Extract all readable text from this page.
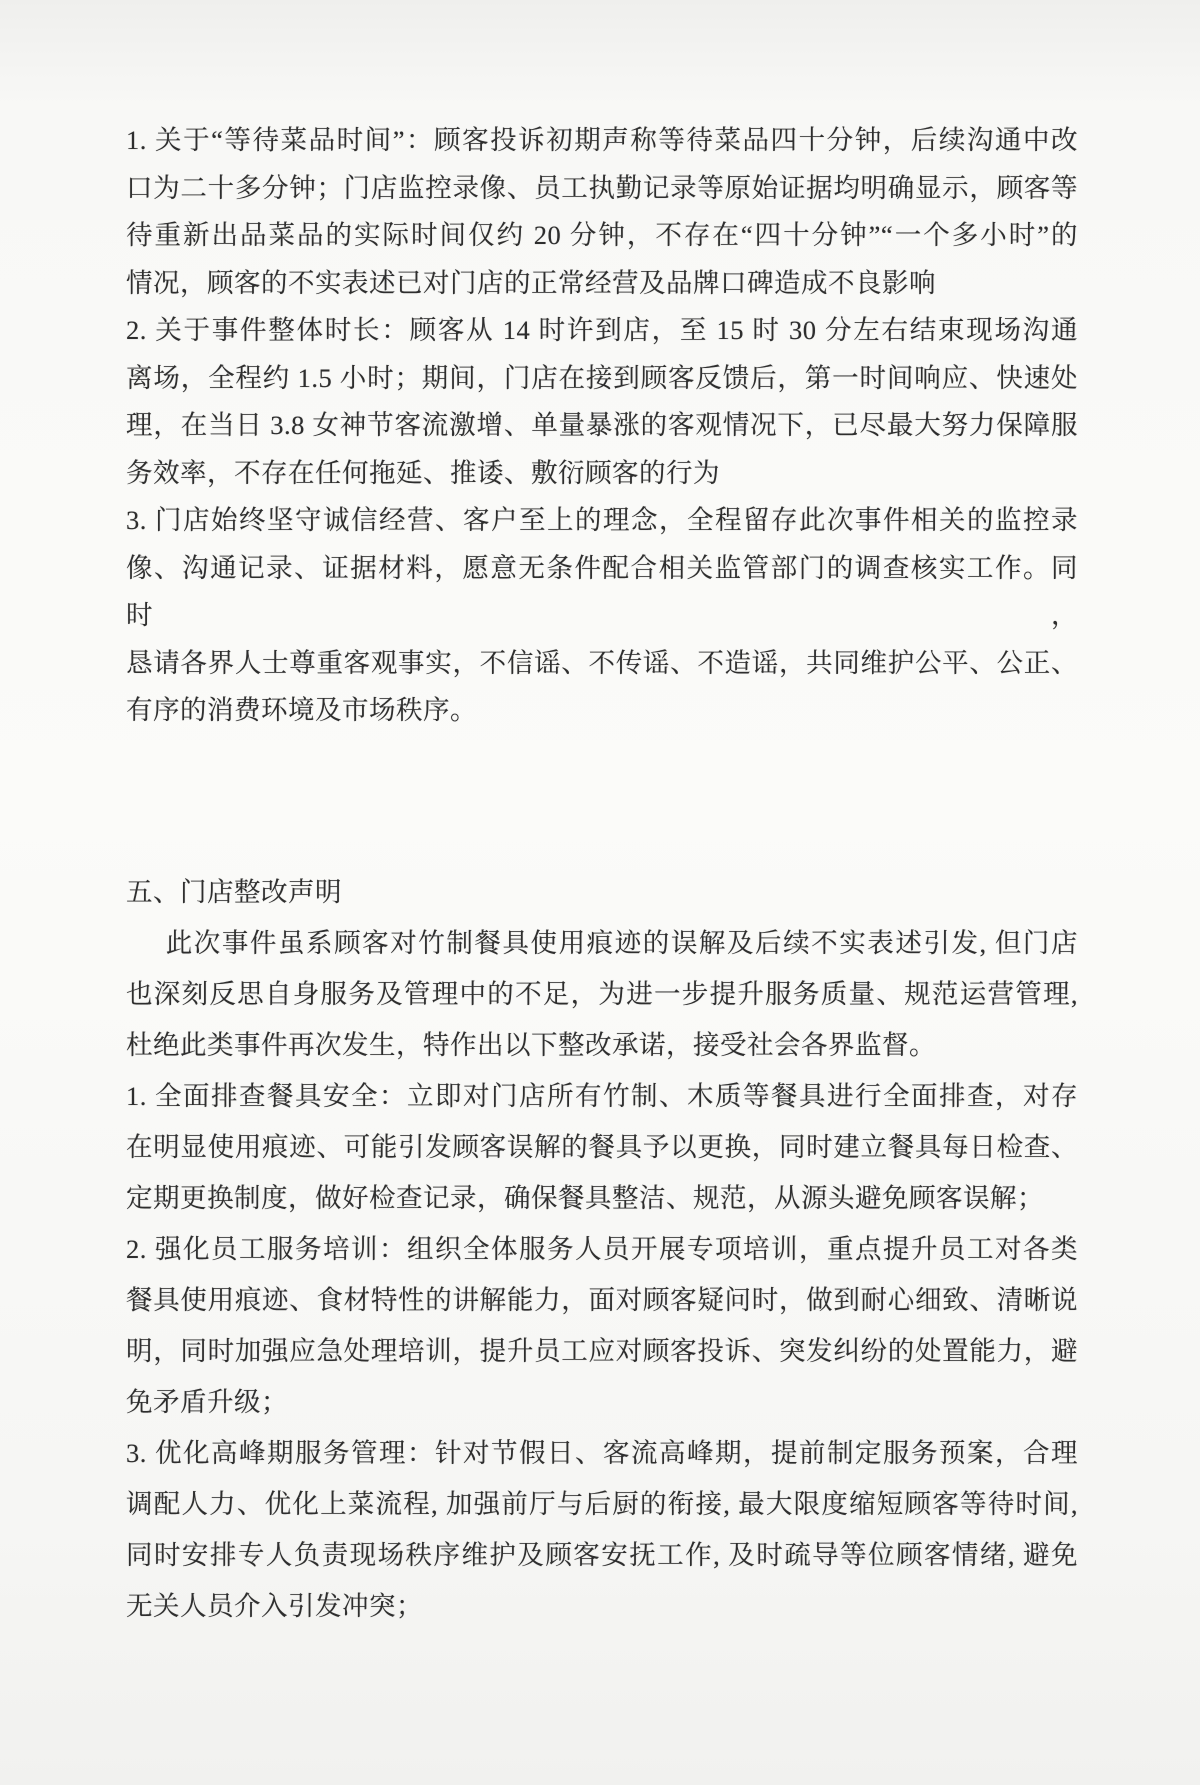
1. 关于“等待菜品时间”：顾客投诉初期声称等待菜品四十分钟，后续沟通中改
口为二十多分钟；门店监控录像、员工执勤记录等原始证据均明确显示，顾客等
待重新出品菜品的实际时间仅约 20 分钟，不存在“四十分钟”“一个多小时”的
情况，顾客的不实表述已对门店的正常经营及品牌口碑造成不良影响
2. 关于事件整体时长：顾客从 14 时许到店，至 15 时 30 分左右结束现场沟通
离场，全程约 1.5 小时；期间，门店在接到顾客反馈后，第一时间响应、快速处
理，在当日 3.8 女神节客流激增、单量暴涨的客观情况下，已尽最大努力保障服
务效率，不存在任何拖延、推诿、敷衍顾客的行为
3. 门店始终坚守诚信经营、客户至上的理念，全程留存此次事件相关的监控录
像、沟通记录、证据材料，愿意无条件配合相关监管部门的调查核实工作。同时，
恳请各界人士尊重客观事实，不信谣、不传谣、不造谣，共同维护公平、公正、
有序的消费环境及市场秩序。
五、门店整改声明
此次事件虽系顾客对竹制餐具使用痕迹的误解及后续不实表述引发, 但门店
也深刻反思自身服务及管理中的不足，为进一步提升服务质量、规范运营管理,
杜绝此类事件再次发生，特作出以下整改承诺，接受社会各界监督。
1. 全面排查餐具安全：立即对门店所有竹制、木质等餐具进行全面排查，对存
在明显使用痕迹、可能引发顾客误解的餐具予以更换，同时建立餐具每日检查、
定期更换制度，做好检查记录，确保餐具整洁、规范，从源头避免顾客误解；
2. 强化员工服务培训：组织全体服务人员开展专项培训，重点提升员工对各类
餐具使用痕迹、食材特性的讲解能力，面对顾客疑问时，做到耐心细致、清晰说
明，同时加强应急处理培训，提升员工应对顾客投诉、突发纠纷的处置能力，避
免矛盾升级；
3. 优化高峰期服务管理：针对节假日、客流高峰期，提前制定服务预案，合理
调配人力、优化上菜流程, 加强前厅与后厨的衔接, 最大限度缩短顾客等待时间,
同时安排专人负责现场秩序维护及顾客安抚工作, 及时疏导等位顾客情绪, 避免
无关人员介入引发冲突；
